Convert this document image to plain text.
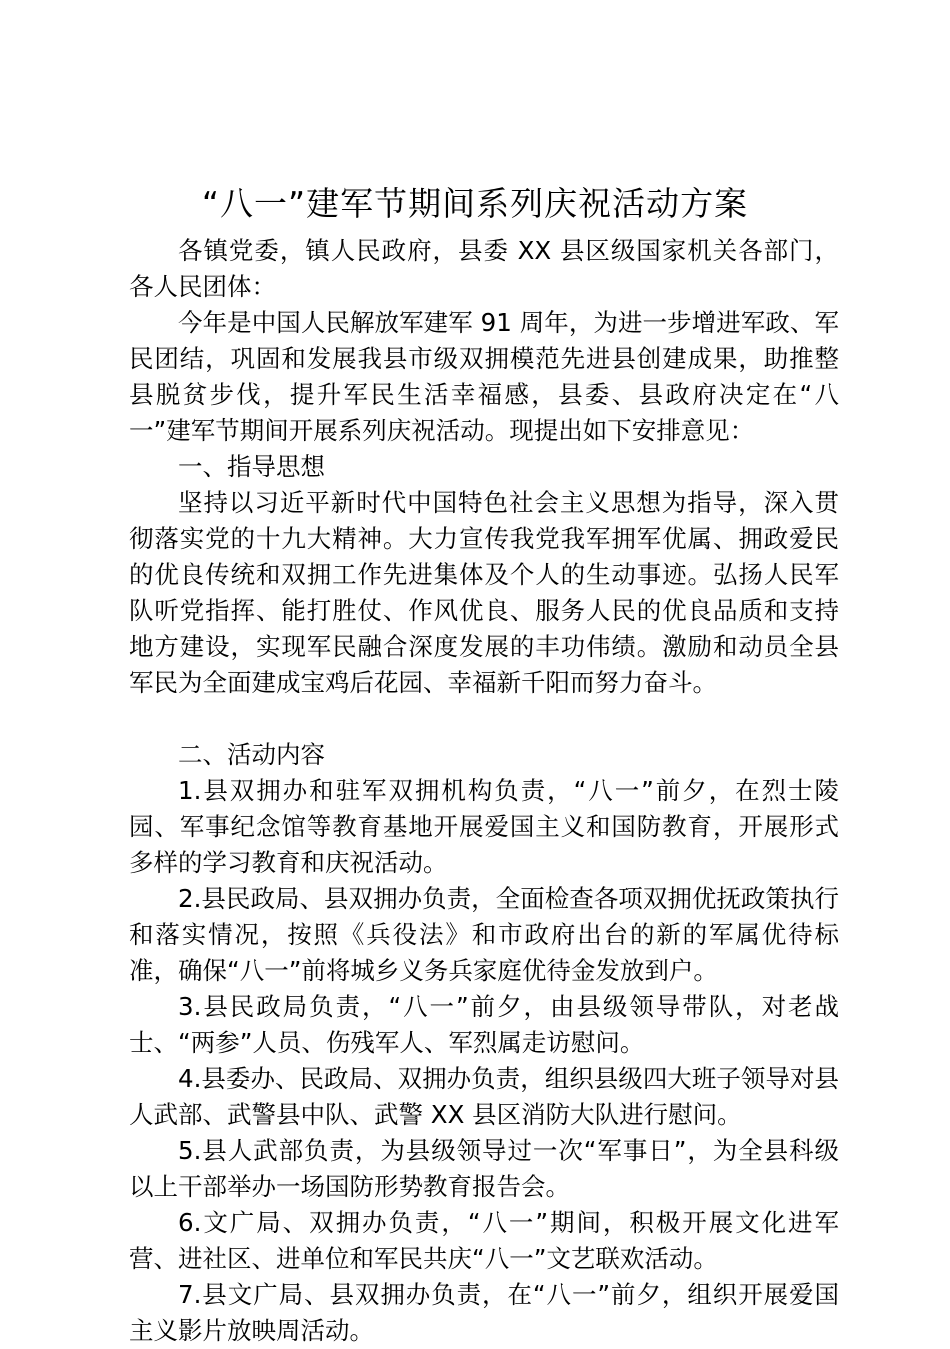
“八一”建军节期间系列庆祝活动方案

各镇党委，镇人民政府，县委 XX 县区级国家机关各部门，各人民团体：

今年是中国人民解放军建军 91 周年，为进一步增进军政、军民团结，巩固和发展我县市级双拥模范先进县创建成果，助推整县脱贫步伐，提升军民生活幸福感，县委、县政府决定在“八一”建军节期间开展系列庆祝活动。现提出如下安排意见：

一、指导思想

坚持以习近平新时代中国特色社会主义思想为指导，深入贯彻落实党的十九大精神。大力宣传我党我军拥军优属、拥政爱民的优良传统和双拥工作先进集体及个人的生动事迹。弘扬人民军队听党指挥、能打胜仗、作风优良、服务人民的优良品质和支持地方建设，实现军民融合深度发展的丰功伟绩。激励和动员全县军民为全面建成宝鸡后花园、幸福新千阳而努力奋斗。

二、活动内容

1.县双拥办和驻军双拥机构负责，“八一”前夕，在烈士陵园、军事纪念馆等教育基地开展爱国主义和国防教育，开展形式多样的学习教育和庆祝活动。

2.县民政局、县双拥办负责，全面检查各项双拥优抚政策执行和落实情况，按照《兵役法》和市政府出台的新的军属优待标准，确保“八一”前将城乡义务兵家庭优待金发放到户。

3.县民政局负责，“八一”前夕，由县级领导带队，对老战士、“两参”人员、伤残军人、军烈属走访慰问。

4.县委办、民政局、双拥办负责，组织县级四大班子领导对县人武部、武警县中队、武警 XX 县区消防大队进行慰问。

5.县人武部负责，为县级领导过一次“军事日”，为全县科级以上干部举办一场国防形势教育报告会。

6.文广局、双拥办负责，“八一”期间，积极开展文化进军营、进社区、进单位和军民共庆“八一”文艺联欢活动。

7.县文广局、县双拥办负责，在“八一”前夕，组织开展爱国主义影片放映周活动。
